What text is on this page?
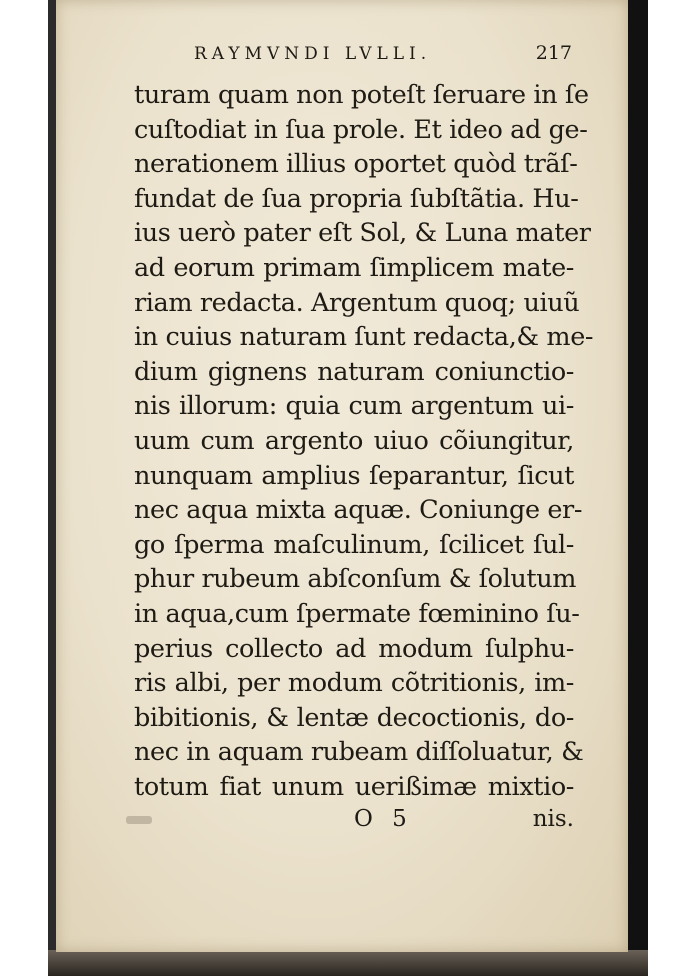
RAYMVNDI LVLLI.	217
turam quam non poteſt ſeruare in ſe
cuſtodiat in ſua prole. Et ideo ad ge-
nerationem illius oportet quòd trãſ-
fundat de ſua propria ſubſtãtia. Hu-
ius uerò pater eſt Sol, & Luna mater
ad eorum primam ſimplicem mate-
riam redacta. Argentum quoq; uiuũ
in cuius naturam ſunt redacta,& me-
dium gignens naturam coniunctio-
nis illorum: quia cum argentum ui-
uum cum argento uiuo cõiungitur,
nunquam amplius ſeparantur, ſicut
nec aqua mixta aquæ. Coniunge er-
go ſperma maſculinum, ſcilicet ſul-
phur rubeum abſconſum & ſolutum
in aqua,cum ſpermate fœminino ſu-
perius collecto ad modum ſulphu-
ris albi, per modum cõtritionis, im-
bibitionis, & lentæ decoctionis, do-
nec in aquam rubeam diſſoluatur, &
totum fiat unum uerißimæ mixtio-
O 5	nis.
